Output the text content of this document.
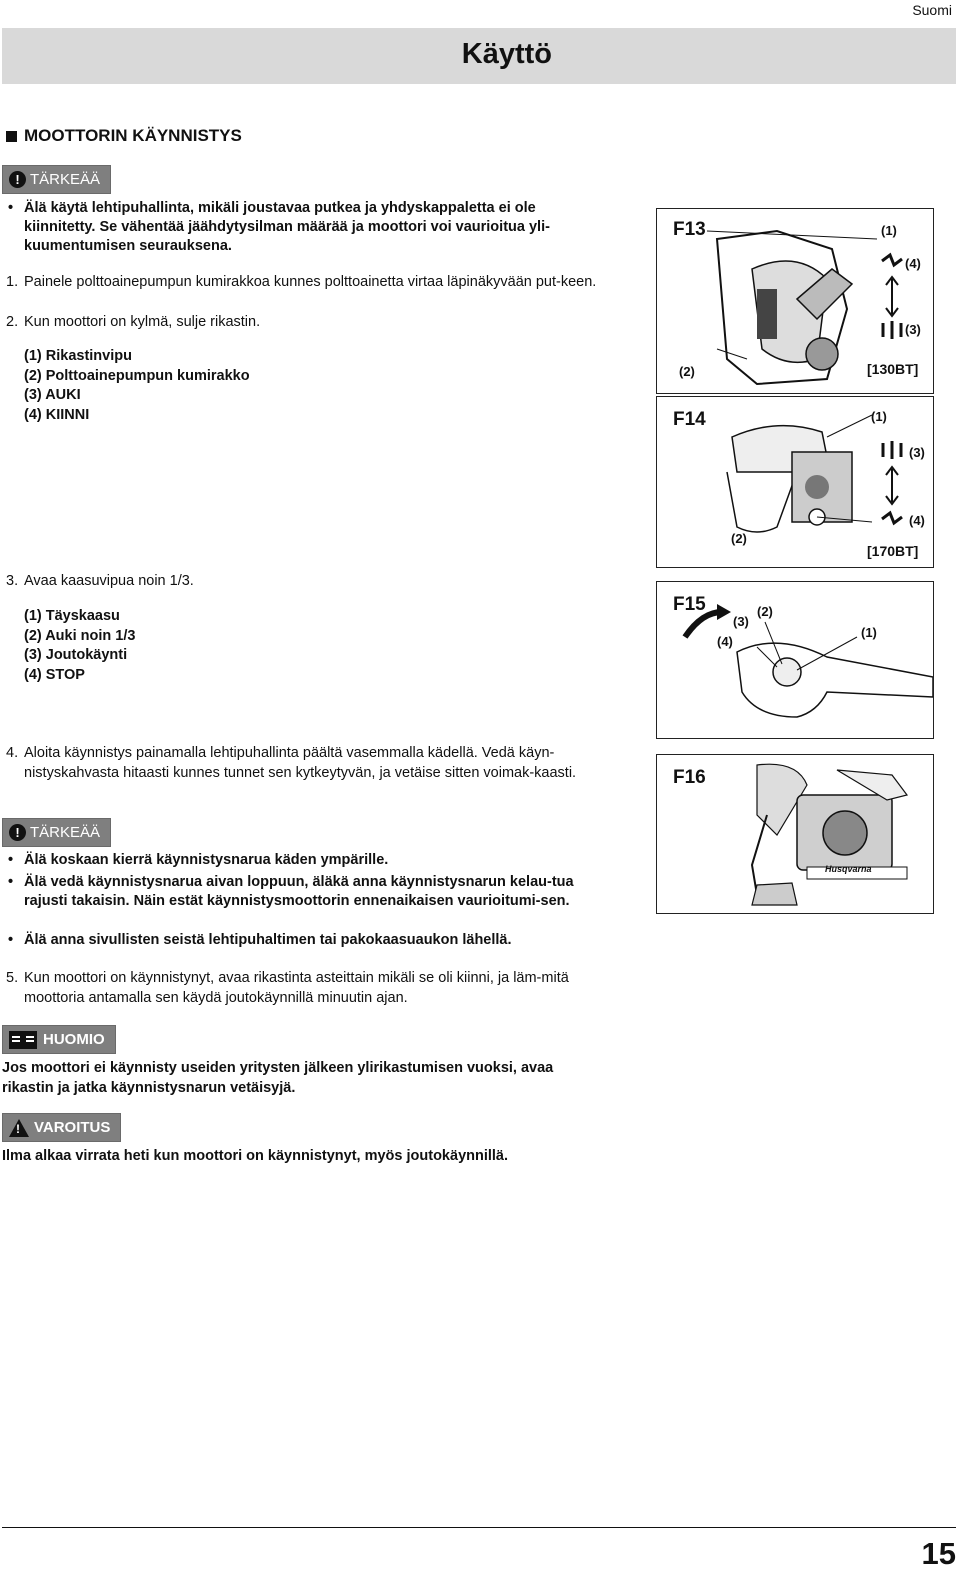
Suomi
Käyttö
MOOTTORIN KÄYNNISTYS
! TÄRKEÄÄ
• Älä käytä lehtipuhallinta, mikäli joustavaa putkea ja yhdyskappaletta ei ole kiinnitetty. Se vähentää jäähdytysilman määrää ja moottori voi vaurioitua yli-kuumentumisen seurauksena.
1. Painele polttoainepumpun kumirakkoa kunnes polttoainetta virtaa läpinäkyvään put-keen.
2. Kun moottori on kylmä, sulje rikastin.
(1) Rikastinvipu
(2) Polttoainepumpun kumirakko
(3) AUKI
(4) KIINNI
3. Avaa kaasuvipua noin 1/3.
(1) Täyskaasu
(2) Auki noin 1/3
(3) Joutokäynti
(4) STOP
4. Aloita käynnistys painamalla lehtipuhallinta päältä vasemmalla kädellä. Vedä käyn-nistyskahvasta hitaasti kunnes tunnet sen kytkeytyvän, ja vetäise sitten voimak-kaasti.
! TÄRKEÄÄ
• Älä koskaan kierrä käynnistysnarua käden ympärille.
• Älä vedä käynnistysnarua aivan loppuun, äläkä anna käynnistysnarun kelau-tua rajusti takaisin. Näin estät käynnistysmoottorin ennenaikaisen vaurioitumi-sen.
• Älä anna sivullisten seistä lehtipuhaltimen tai pakokaasuaukon lähellä.
5. Kun moottori on käynnistynyt, avaa rikastinta asteittain mikäli se oli kiinni, ja läm-mitä moottoria antamalla sen käydä joutokäynnillä minuutin ajan.
HUOMIO
Jos moottori ei käynnisty useiden yritysten jälkeen ylirikastumisen vuoksi, avaa rikastin ja jatka käynnistysnarun vetäisyjä.
!
VAROITUS
Ilma alkaa virrata heti kun moottori on käynnistynyt, myös joutokäynnillä.
F13	(1)
(4)
(3)
(2)	[130BT]
F14	(1)
(3)
(4)
(2)
[170BT]
F15
(3)
(2)
(4)
(1)
F16
Husqvarna
15
